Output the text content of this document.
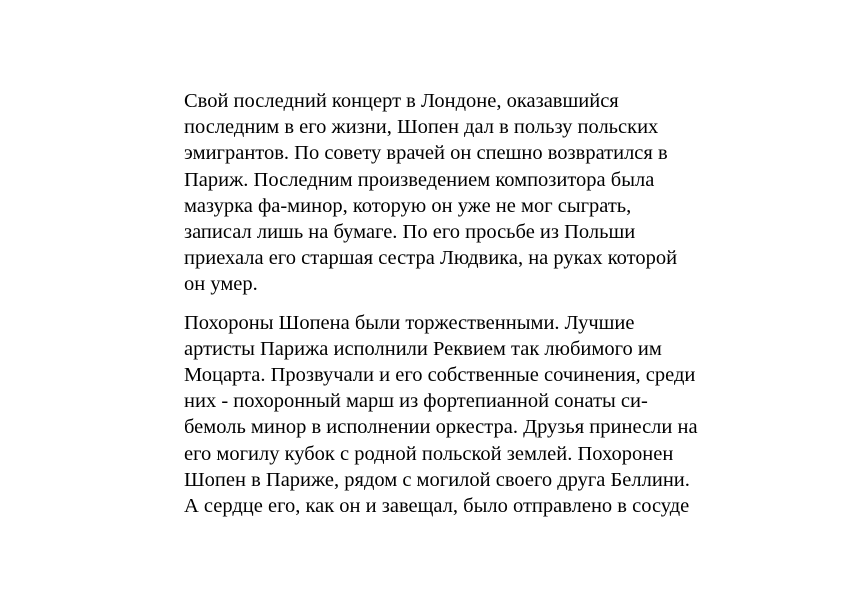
Свой последний концерт в Лондоне, оказавшийся
последним в его жизни, Шопен дал в пользу польских
эмигрантов. По совету врачей он спешно возвратился в
Париж. Последним произведением композитора была
мазурка фа-минор, которую он уже не мог сыграть,
записал лишь на бумаге. По его просьбе из Польши
приехала его старшая сестра Людвика, на руках которой
он умер.

Похороны Шопена были торжественными. Лучшие
артисты Парижа исполнили Реквием так любимого им
Моцарта. Прозвучали и его собственные сочинения, среди
них - похоронный марш из фортепианной сонаты си-
бемоль минор в исполнении оркестра. Друзья принесли на
его могилу кубок с родной польской землей. Похоронен
Шопен в Париже, рядом с могилой своего друга Беллини.
А сердце его, как он и завещал, было отправлено в сосуде
